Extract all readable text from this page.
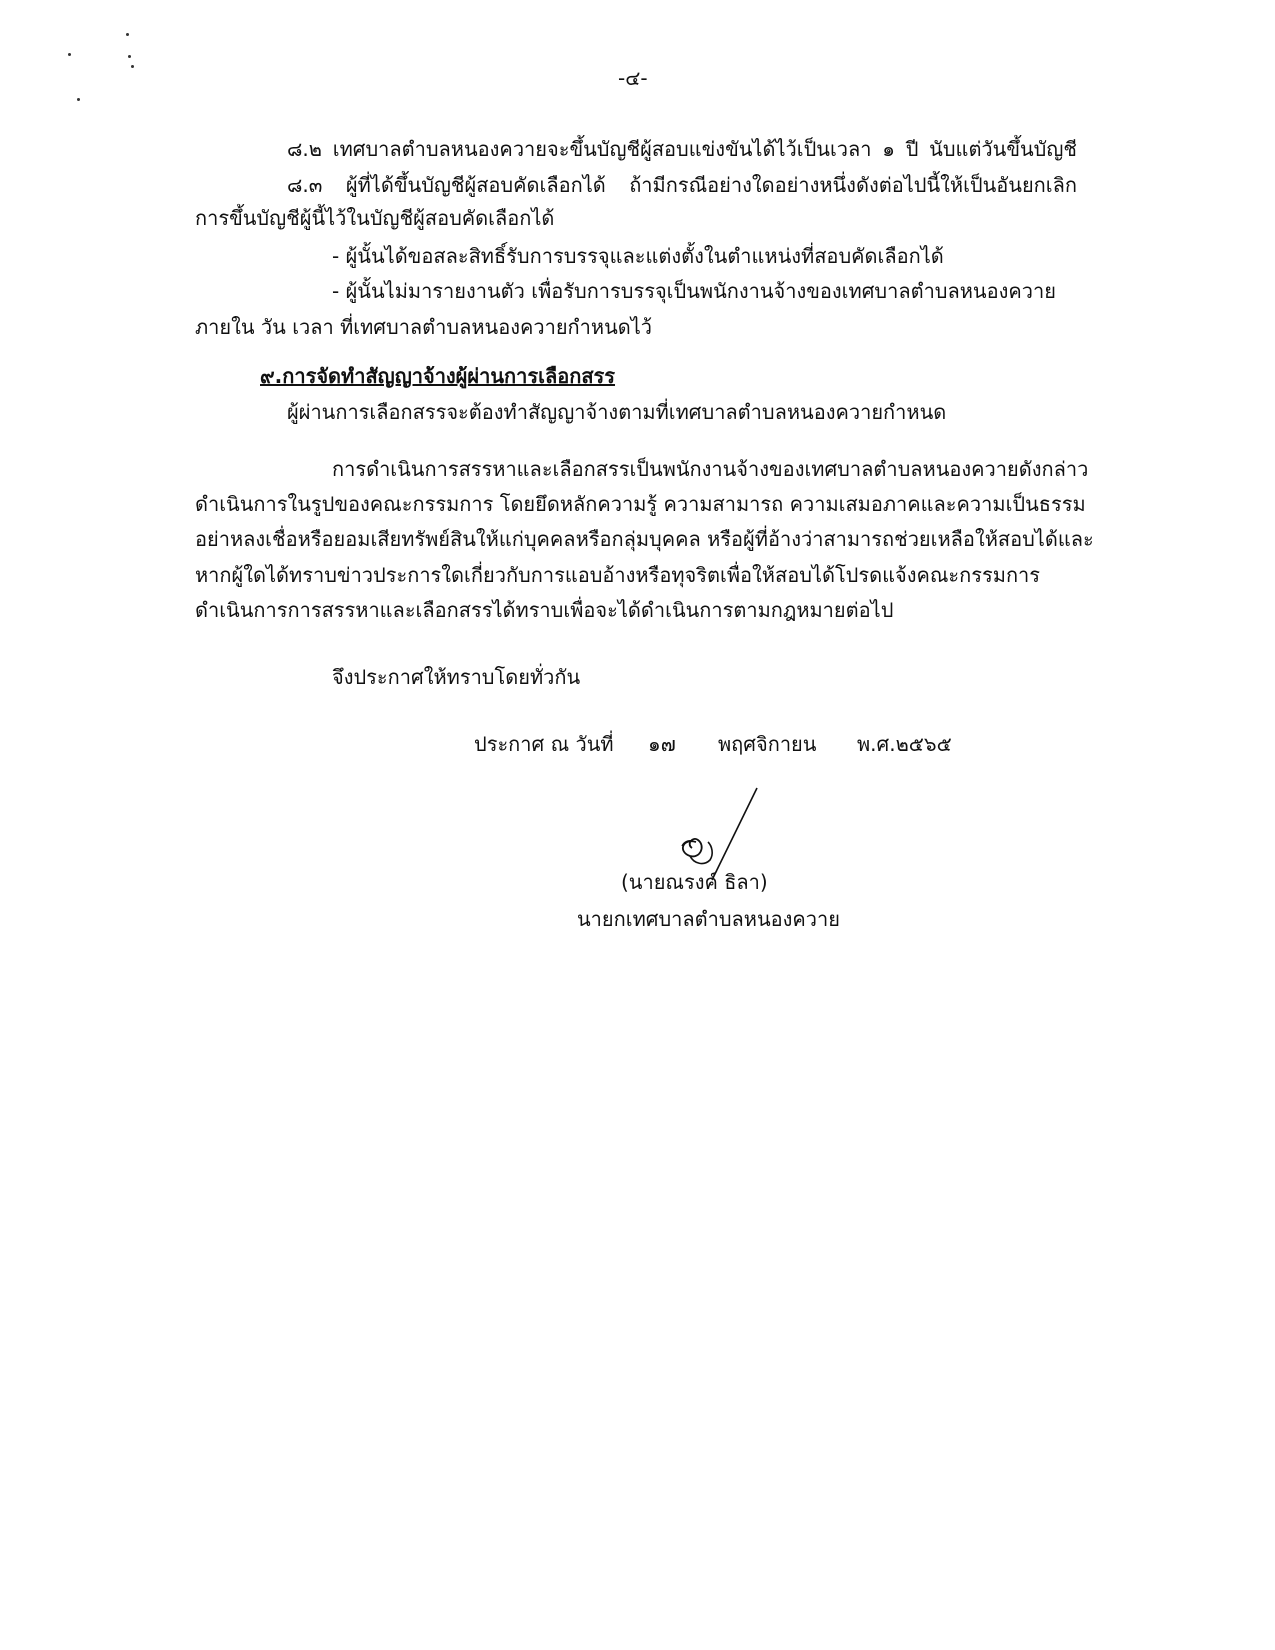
-๔-
๘.๒ เทศบาลตำบลหนองควายจะขึ้นบัญชีผู้สอบแข่งขันได้ไว้เป็นเวลา ๑ ปี นับแต่วันขึ้นบัญชี
๘.๓ ผู้ที่ได้ขึ้นบัญชีผู้สอบคัดเลือกได้ ถ้ามีกรณีอย่างใดอย่างหนึ่งดังต่อไปนี้ให้เป็นอันยกเลิก
การขึ้นบัญชีผู้นี้ไว้ในบัญชีผู้สอบคัดเลือกได้
- ผู้นั้นได้ขอสละสิทธิ์รับการบรรจุและแต่งตั้งในตำแหน่งที่สอบคัดเลือกได้
- ผู้นั้นไม่มารายงานตัว เพื่อรับการบรรจุเป็นพนักงานจ้างของเทศบาลตำบลหนองควาย
ภายใน วัน เวลา ที่เทศบาลตำบลหนองควายกำหนดไว้
๙.การจัดทำสัญญาจ้างผู้ผ่านการเลือกสรร
ผู้ผ่านการเลือกสรรจะต้องทำสัญญาจ้างตามที่เทศบาลตำบลหนองควายกำหนด
การดำเนินการสรรหาและเลือกสรรเป็นพนักงานจ้างของเทศบาลตำบลหนองควายดังกล่าว
ดำเนินการในรูปของคณะกรรมการ โดยยึดหลักความรู้ ความสามารถ ความเสมอภาคและความเป็นธรรม
อย่าหลงเชื่อหรือยอมเสียทรัพย์สินให้แก่บุคคลหรือกลุ่มบุคคล หรือผู้ที่อ้างว่าสามารถช่วยเหลือให้สอบได้และ
หากผู้ใดได้ทราบข่าวประการใดเกี่ยวกับการแอบอ้างหรือทุจริตเพื่อให้สอบได้โปรดแจ้งคณะกรรมการ
ดำเนินการการสรรหาและเลือกสรรได้ทราบเพื่อจะได้ดำเนินการตามกฎหมายต่อไป
จึงประกาศให้ทราบโดยทั่วกัน
ประกาศ ณ วันที่ ๑๗ พฤศจิกายน พ.ศ.๒๕๖๕
(นายณรงค์ ธิลา)
นายกเทศบาลตำบลหนองควาย
